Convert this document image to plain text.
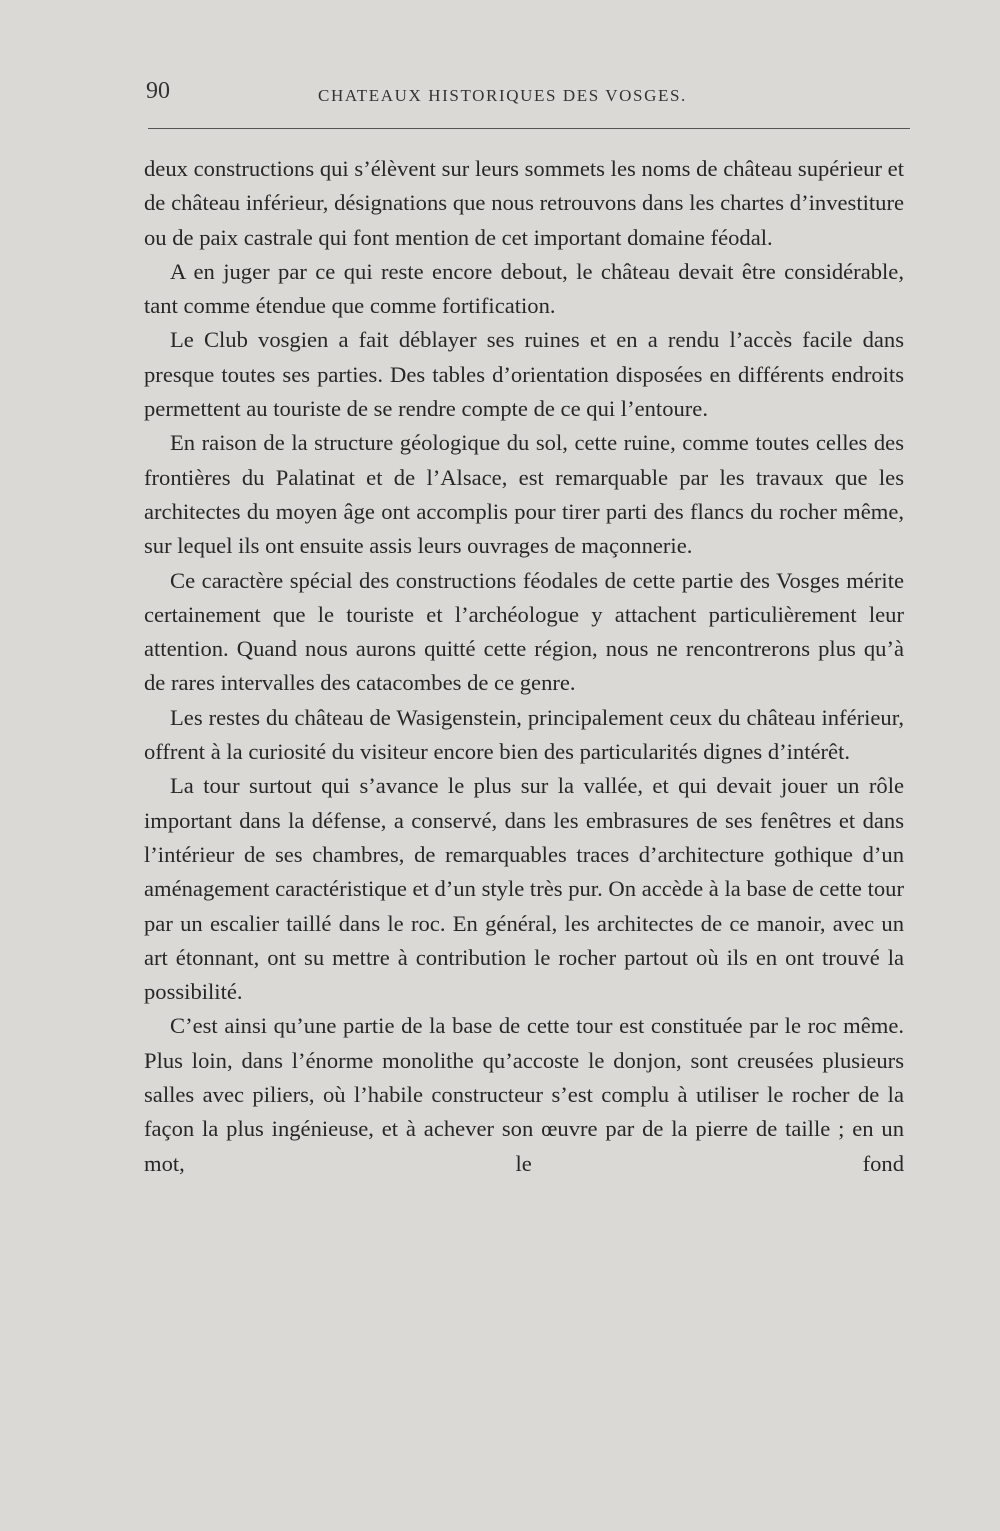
90	CHATEAUX HISTORIQUES DES VOSGES.

deux constructions qui s’élèvent sur leurs sommets les noms de château supérieur et de château inférieur, désignations que nous retrouvons dans les chartes d’investiture ou de paix castrale qui font mention de cet important domaine féodal.

A en juger par ce qui reste encore debout, le château devait être considérable, tant comme étendue que comme fortification.

Le Club vosgien a fait déblayer ses ruines et en a rendu l’accès facile dans presque toutes ses parties. Des tables d’orientation disposées en différents endroits permettent au touriste de se rendre compte de ce qui l’entoure.

En raison de la structure géologique du sol, cette ruine, comme toutes celles des frontières du Palatinat et de l’Alsace, est remarquable par les travaux que les architectes du moyen âge ont accomplis pour tirer parti des flancs du rocher même, sur lequel ils ont ensuite assis leurs ouvrages de maçonnerie.

Ce caractère spécial des constructions féodales de cette partie des Vosges mérite certainement que le touriste et l’archéologue y attachent particulièrement leur attention. Quand nous aurons quitté cette région, nous ne rencontrerons plus qu’à de rares intervalles des catacombes de ce genre.

Les restes du château de Wasigenstein, principalement ceux du château inférieur, offrent à la curiosité du visiteur encore bien des particularités dignes d’intérêt.

La tour surtout qui s’avance le plus sur la vallée, et qui devait jouer un rôle important dans la défense, a conservé, dans les embrasures de ses fenêtres et dans l’intérieur de ses chambres, de remarquables traces d’architecture gothique d’un aménagement caractéristique et d’un style très pur. On accède à la base de cette tour par un escalier taillé dans le roc. En général, les architectes de ce manoir, avec un art étonnant, ont su mettre à contribution le rocher partout où ils en ont trouvé la possibilité.

C’est ainsi qu’une partie de la base de cette tour est constituée par le roc même. Plus loin, dans l’énorme monolithe qu’accoste le donjon, sont creusées plusieurs salles avec piliers, où l’habile constructeur s’est complu à utiliser le rocher de la façon la plus ingénieuse, et à achever son œuvre par de la pierre de taille ; en un mot, le fond
